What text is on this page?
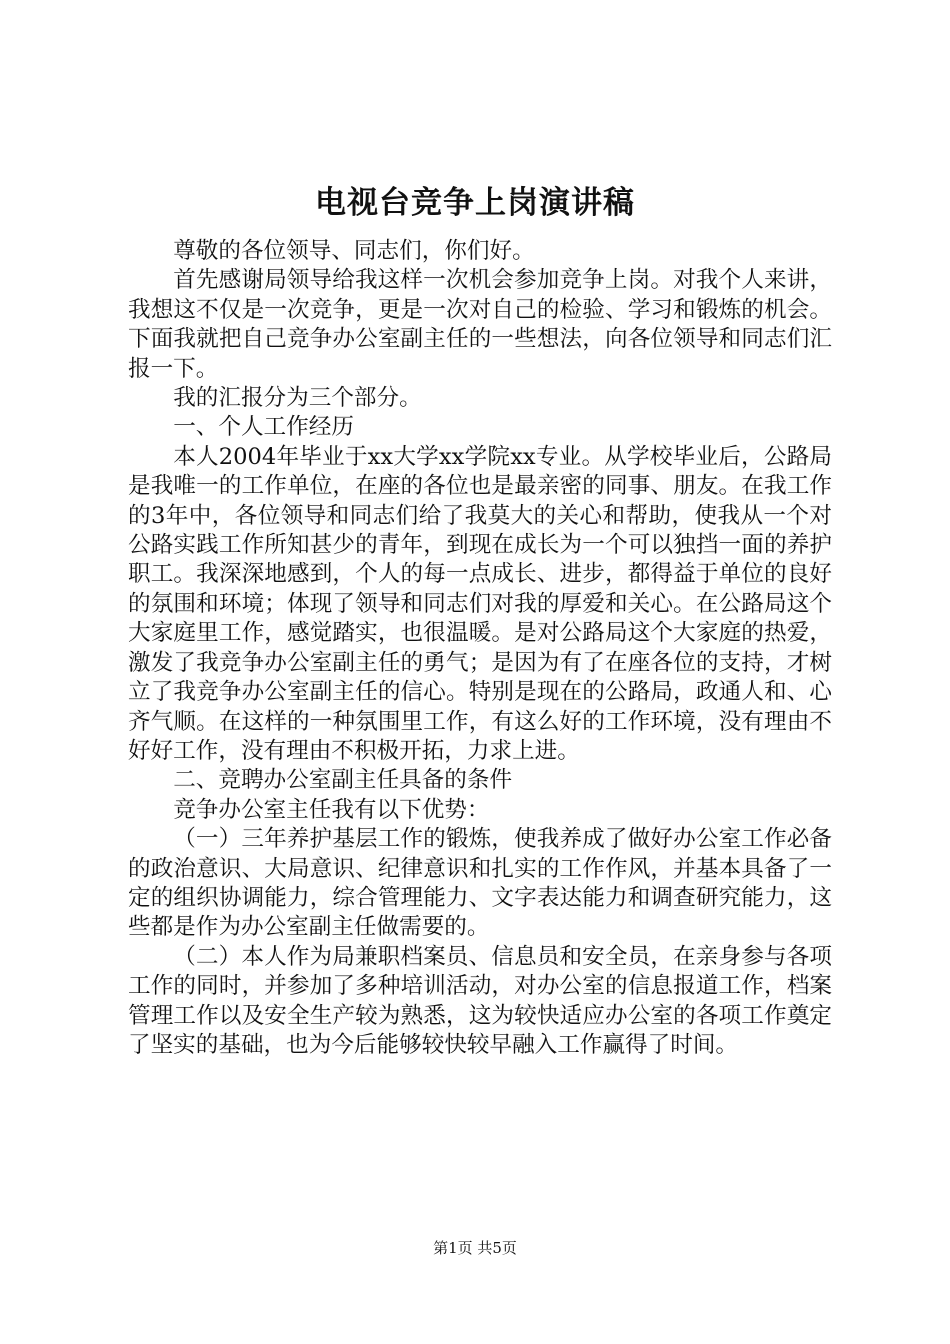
电视台竞争上岗演讲稿

尊敬的各位领导、同志们，你们好。

首先感谢局领导给我这样一次机会参加竞争上岗。对我个人来讲，我想这不仅是一次竞争，更是一次对自己的检验、学习和锻炼的机会。下面我就把自己竞争办公室副主任的一些想法，向各位领导和同志们汇报一下。

我的汇报分为三个部分。

一、个人工作经历

本人2004年毕业于xx大学xx学院xx专业。从学校毕业后，公路局是我唯一的工作单位，在座的各位也是最亲密的同事、朋友。在我工作的3年中，各位领导和同志们给了我莫大的关心和帮助，使我从一个对公路实践工作所知甚少的青年，到现在成长为一个可以独挡一面的养护职工。我深深地感到，个人的每一点成长、进步，都得益于单位的良好的氛围和环境；体现了领导和同志们对我的厚爱和关心。在公路局这个大家庭里工作，感觉踏实，也很温暖。是对公路局这个大家庭的热爱，激发了我竞争办公室副主任的勇气；是因为有了在座各位的支持，才树立了我竞争办公室副主任的信心。特别是现在的公路局，政通人和、心齐气顺。在这样的一种氛围里工作，有这么好的工作环境，没有理由不好好工作，没有理由不积极开拓，力求上进。

二、竞聘办公室副主任具备的条件

竞争办公室主任我有以下优势：

（一）三年养护基层工作的锻炼，使我养成了做好办公室工作必备的政治意识、大局意识、纪律意识和扎实的工作作风，并基本具备了一定的组织协调能力，综合管理能力、文字表达能力和调查研究能力，这些都是作为办公室副主任做需要的。

（二）本人作为局兼职档案员、信息员和安全员，在亲身参与各项工作的同时，并参加了多种培训活动，对办公室的信息报道工作，档案管理工作以及安全生产较为熟悉，这为较快适应办公室的各项工作奠定了坚实的基础，也为今后能够较快较早融入工作赢得了时间。

第1页 共5页
